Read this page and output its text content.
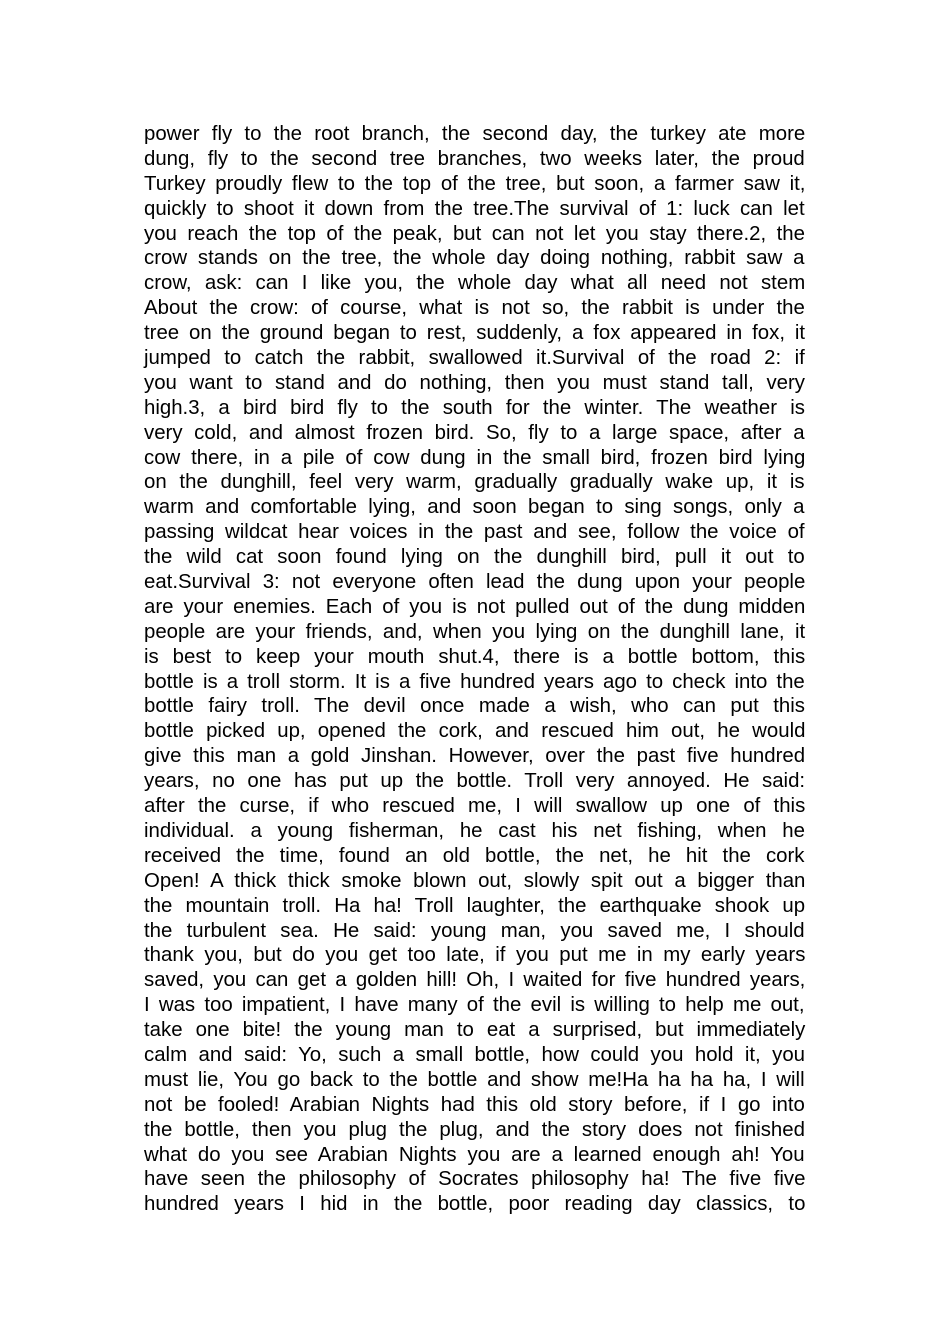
power fly to the root branch, the second day, the turkey ate more
dung, fly to the second tree branches, two weeks later, the proud
Turkey proudly flew to the top of the tree, but soon, a farmer saw it,
quickly to shoot it down from the tree.The survival of 1: luck can let
you reach the top of the peak, but can not let you stay there.2, the
crow stands on the tree, the whole day doing nothing, rabbit saw a
crow, ask: can I like you, the whole day what all need not stem
About the crow: of course, what is not so, the rabbit is under the
tree on the ground began to rest, suddenly, a fox appeared in fox, it
jumped to catch the rabbit, swallowed it.Survival of the road 2: if
you want to stand and do nothing, then you must stand tall, very
high.3, a bird bird fly to the south for the winter. The weather is
very cold, and almost frozen bird. So, fly to a large space, after a
cow there, in a pile of cow dung in the small bird, frozen bird lying
on the dunghill, feel very warm, gradually gradually wake up, it is
warm and comfortable lying, and soon began to sing songs, only a
passing wildcat hear voices in the past and see, follow the voice of
the wild cat soon found lying on the dunghill bird, pull it out to
eat.Survival 3: not everyone often lead the dung upon your people
are your enemies. Each of you is not pulled out of the dung midden
people are your friends, and, when you lying on the dunghill lane, it
is best to keep your mouth shut.4, there is a bottle bottom, this
bottle is a troll storm. It is a five hundred years ago to check into the
bottle fairy troll. The devil once made a wish, who can put this
bottle picked up, opened the cork, and rescued him out, he would
give this man a gold Jinshan. However, over the past five hundred
years, no one has put up the bottle. Troll very annoyed. He said:
after the curse, if who rescued me, I will swallow up one of this
individual. a young fisherman, he cast his net fishing, when he
received the time, found an old bottle, the net, he hit the cork
Open! A thick thick smoke blown out, slowly spit out a bigger than
the mountain troll. Ha ha! Troll laughter, the earthquake shook up
the turbulent sea. He said: young man, you saved me, I should
thank you, but do you get too late, if you put me in my early years
saved, you can get a golden hill! Oh, I waited for five hundred years,
I was too impatient, I have many of the evil is willing to help me out,
take one bite! the young man to eat a surprised, but immediately
calm and said: Yo, such a small bottle, how could you hold it, you
must lie, You go back to the bottle and show me!Ha ha ha ha, I will
not be fooled! Arabian Nights had this old story before, if I go into
the bottle, then you plug the plug, and the story does not finished
what do you see Arabian Nights you are a learned enough ah! You
have seen the philosophy of Socrates philosophy ha! The five five
hundred years I hid in the bottle, poor reading day classics, to
